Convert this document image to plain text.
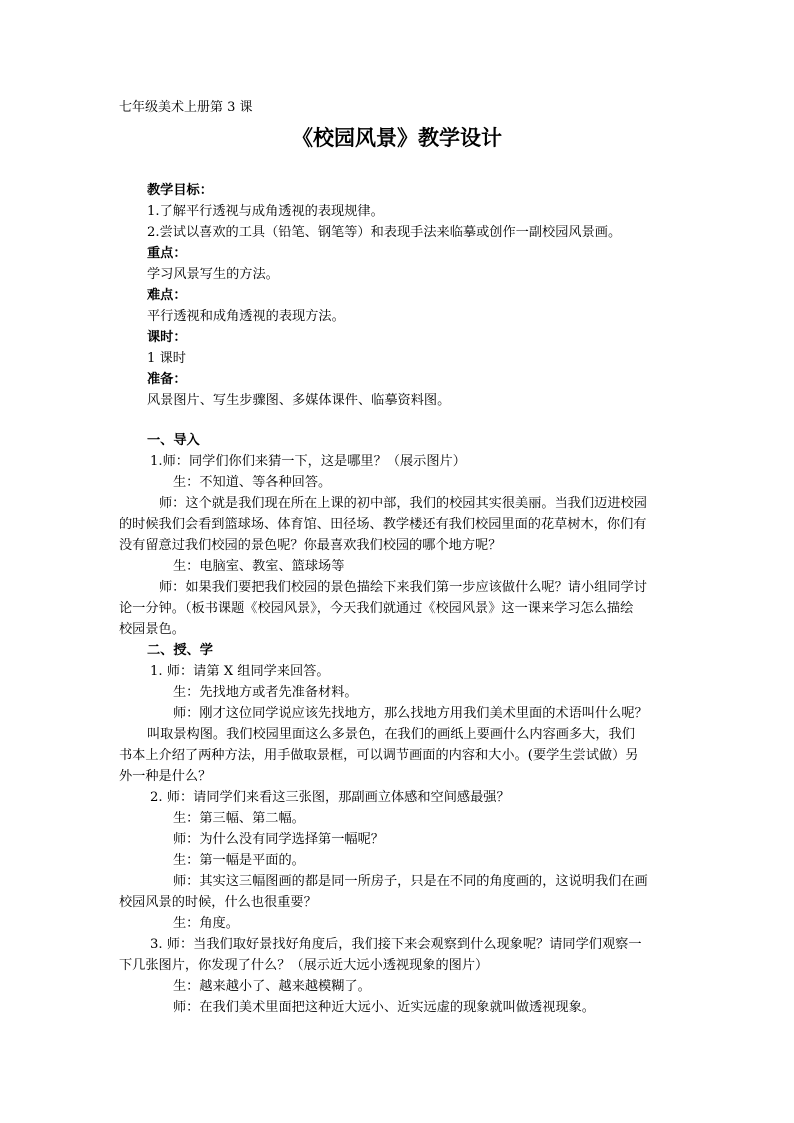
七年级美术上册第 3 课
《校园风景》教学设计
教学目标：
1.了解平行透视与成角透视的表现规律。
2.尝试以喜欢的工具（铅笔、钢笔等）和表现手法来临摹或创作一副校园风景画。
重点：
学习风景写生的方法。
难点：
平行透视和成角透视的表现方法。
课时：
1 课时
准备：
风景图片、写生步骤图、多媒体课件、临摹资料图。
一、导入
1.师：同学们你们来猜一下，这是哪里？（展示图片）
生：不知道、等各种回答。
师：这个就是我们现在所在上课的初中部，我们的校园其实很美丽。当我们迈进校园
的时候我们会看到篮球场、体育馆、田径场、教学楼还有我们校园里面的花草树木，你们有
没有留意过我们校园的景色呢？你最喜欢我们校园的哪个地方呢？
生：电脑室、教室、篮球场等
师：如果我们要把我们校园的景色描绘下来我们第一步应该做什么呢？请小组同学讨
论一分钟。（板书课题《校园风景》，今天我们就通过《校园风景》这一课来学习怎么描绘
校园景色。
二、授、学
1. 师：请第 X 组同学来回答。
生：先找地方或者先准备材料。
师：刚才这位同学说应该先找地方，那么找地方用我们美术里面的术语叫什么呢？
叫取景构图。我们校园里面这么多景色，在我们的画纸上要画什么内容画多大，我们
书本上介绍了两种方法，用手做取景框，可以调节画面的内容和大小。(要学生尝试做）另
外一种是什么？
2. 师：请同学们来看这三张图，那副画立体感和空间感最强？
生：第三幅、第二幅。
师：为什么没有同学选择第一幅呢？
生：第一幅是平面的。
师：其实这三幅图画的都是同一所房子，只是在不同的角度画的，这说明我们在画
校园风景的时候，什么也很重要？
生：角度。
3. 师：当我们取好景找好角度后，我们接下来会观察到什么现象呢？请同学们观察一
下几张图片，你发现了什么？（展示近大远小透视现象的图片）
生：越来越小了、越来越模糊了。
师：在我们美术里面把这种近大远小、近实远虚的现象就叫做透视现象。
